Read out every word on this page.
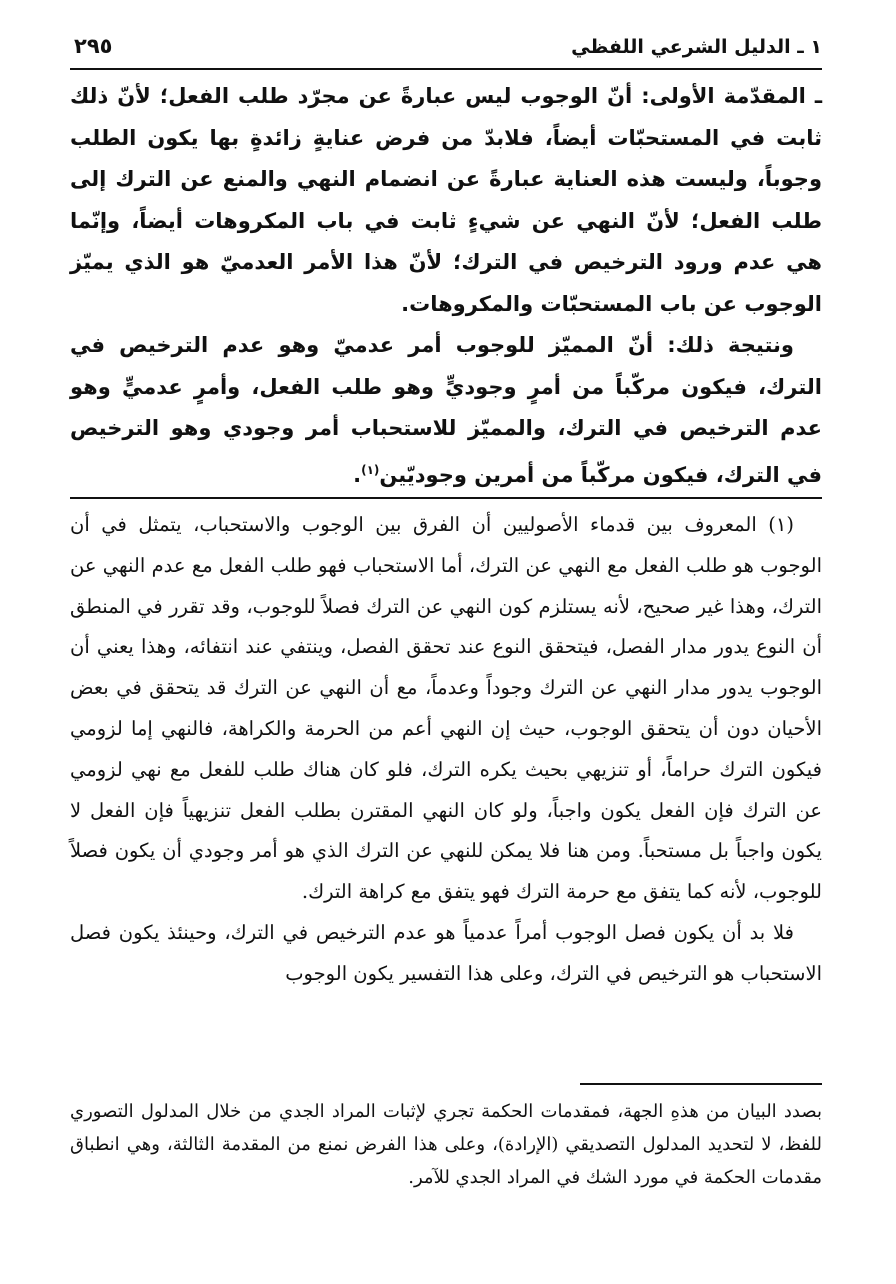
١ ـ الدليل الشرعي اللفظي
٢٩٥

ـ المقدّمة الأولى: أنّ الوجوب ليس عبارةً عن مجرّد طلب الفعل؛ لأنّ ذلك ثابت في المستحبّات أيضاً، فلابدّ من فرض عنايةٍ زائدةٍ بها يكون الطلب وجوباً، وليست هذه العناية عبارةً عن انضمام النهي والمنع عن الترك إلى طلب الفعل؛ لأنّ النهي عن شيءٍ ثابت في باب المكروهات أيضاً، وإنّما هي عدم ورود الترخيص في الترك؛ لأنّ هذا الأمر العدميّ هو الذي يميّز الوجوب عن باب المستحبّات والمكروهات.

ونتيجة ذلك: أنّ المميّز للوجوب أمر عدميّ وهو عدم الترخيص في الترك، فيكون مركّباً من أمرٍ وجوديٍّ وهو طلب الفعل، وأمرٍ عدميٍّ وهو عدم الترخيص في الترك، والمميّز للاستحباب أمر وجودي وهو الترخيص في الترك، فيكون مركّباً من أمرين وجوديّين$^{(١)}$.

(١) المعروف بين قدماء الأصوليين أن الفرق بين الوجوب والاستحباب، يتمثل في أن الوجوب هو طلب الفعل مع النهي عن الترك، أما الاستحباب فهو طلب الفعل مع عدم النهي عن الترك، وهذا غير صحيح، لأنه يستلزم كون النهي عن الترك فصلاً للوجوب، وقد تقرر في المنطق أن النوع يدور مدار الفصل، فيتحقق النوع عند تحقق الفصل، وينتفي عند انتفائه، وهذا يعني أن الوجوب يدور مدار النهي عن الترك وجوداً وعدماً، مع أن النهي عن الترك قد يتحقق في بعض الأحيان دون أن يتحقق الوجوب، حيث إن النهي أعم من الحرمة والكراهة، فالنهي إما لزومي فيكون الترك حراماً، أو تنزيهي بحيث يكره الترك، فلو كان هناك طلب للفعل مع نهي لزومي عن الترك فإن الفعل يكون واجباً، ولو كان النهي المقترن بطلب الفعل تنزيهياً فإن الفعل لا يكون واجباً بل مستحباً. ومن هنا فلا يمكن للنهي عن الترك الذي هو أمر وجودي أن يكون فصلاً للوجوب، لأنه كما يتفق مع حرمة الترك فهو يتفق مع كراهة الترك.

فلا بد أن يكون فصل الوجوب أمراً عدمياً هو عدم الترخيص في الترك، وحينئذ يكون فصل الاستحباب هو الترخيص في الترك، وعلى هذا التفسير يكون الوجوب

بصدد البيان من هذهِ الجهة، فمقدمات الحكمة تجري لإثبات المراد الجدي من خلال المدلول التصوري للفظ، لا لتحديد المدلول التصديقي (الإرادة)، وعلى هذا الفرض نمنع من المقدمة الثالثة، وهي انطباق مقدمات الحكمة في مورد الشك في المراد الجدي للآمر.
